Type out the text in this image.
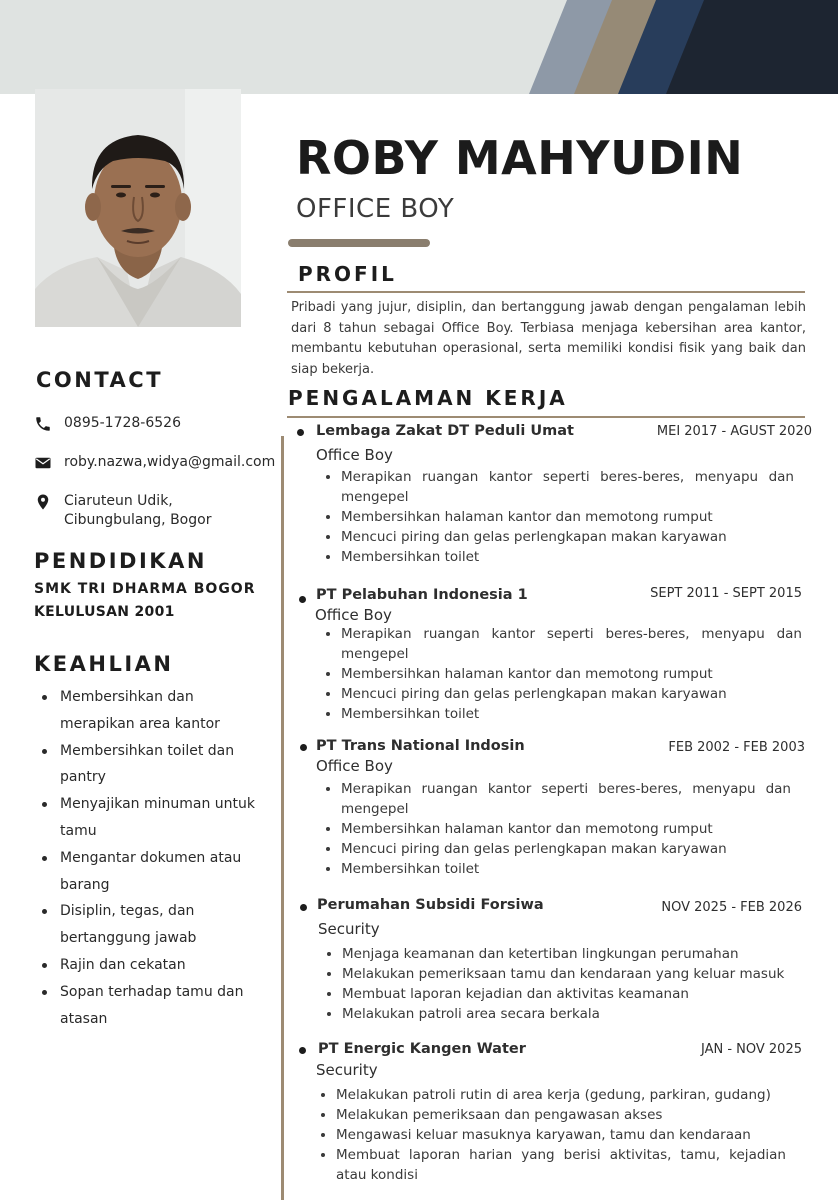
CONTACT
0895-1728-6526
roby.nazwa,widya@gmail.com
Ciaruteun Udik,
Cibungbulang, Bogor
PENDIDIKAN
SMK TRI DHARMA BOGOR
KELULUSAN 2001
KEAHLIAN
Membersihkan dan merapikan area kantor
Membersihkan toilet dan pantry
Menyajikan minuman untuk tamu
Mengantar dokumen atau barang
Disiplin, tegas, dan bertanggung jawab
Rajin dan cekatan
Sopan terhadap tamu dan atasan
ROBY MAHYUDIN
OFFICE BOY
PROFIL
Pribadi yang jujur, disiplin, dan bertanggung jawab dengan pengalaman lebih dari 8 tahun sebagai Office Boy. Terbiasa menjaga kebersihan area kantor, membantu kebutuhan operasional, serta memiliki kondisi fisik yang baik dan siap bekerja.
PENGALAMAN KERJA
Lembaga Zakat DT Peduli Umat	MEI 2017 - AGUST 2020
Office Boy
Merapikan ruangan kantor seperti beres-beres, menyapu dan mengepel
Membersihkan halaman kantor dan memotong rumput
Mencuci piring dan gelas perlengkapan makan karyawan
Membersihkan toilet
PT Pelabuhan Indonesia 1	SEPT 2011 - SEPT 2015
Office Boy
Merapikan ruangan kantor seperti beres-beres, menyapu dan mengepel
Membersihkan halaman kantor dan memotong rumput
Mencuci piring dan gelas perlengkapan makan karyawan
Membersihkan toilet
PT Trans National Indosin	FEB 2002 - FEB 2003
Office Boy
Merapikan ruangan kantor seperti beres-beres, menyapu dan mengepel
Membersihkan halaman kantor dan memotong rumput
Mencuci piring dan gelas perlengkapan makan karyawan
Membersihkan toilet
Perumahan Subsidi Forsiwa	NOV 2025 - FEB 2026
Security
Menjaga keamanan dan ketertiban lingkungan perumahan
Melakukan pemeriksaan tamu dan kendaraan yang keluar masuk
Membuat laporan kejadian dan aktivitas keamanan
Melakukan patroli area secara berkala
PT Energic Kangen Water	JAN - NOV 2025
Security
Melakukan patroli rutin di area kerja (gedung, parkiran, gudang)
Melakukan pemeriksaan dan pengawasan akses
Mengawasi keluar masuknya karyawan, tamu dan kendaraan
Membuat laporan harian yang berisi aktivitas, tamu, kejadian atau kondisi
